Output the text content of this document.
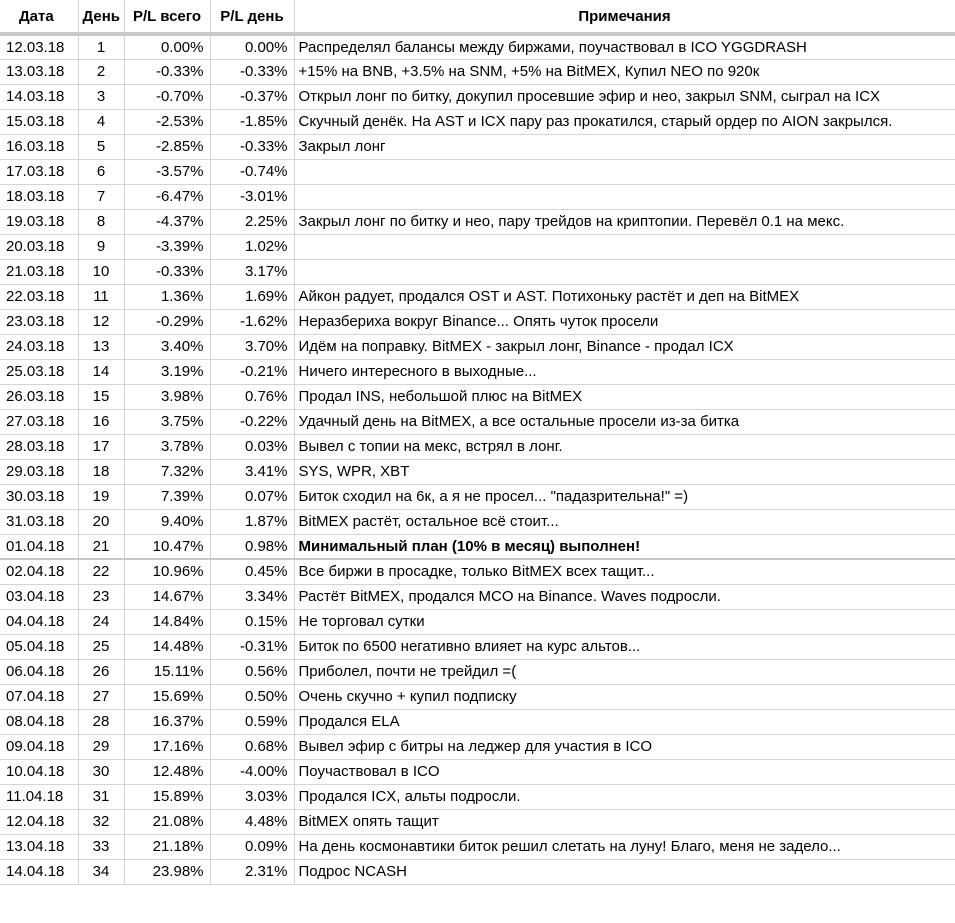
Дата	День	P/L всего	P/L день	Примечания
12.03.18	1	0.00%	0.00%	Распределял балансы между биржами, поучаствовал в ICO YGGDRASH
13.03.18	2	-0.33%	-0.33%	+15% на BNB, +3.5% на SNM, +5% на BitMEX, Купил NEO по 920к
14.03.18	3	-0.70%	-0.37%	Открыл лонг по битку, докупил просевшие эфир и нео, закрыл SNM, сыграл на ICX
15.03.18	4	-2.53%	-1.85%	Скучный денёк. На AST и ICX пару раз прокатился, старый ордер по AION закрылся.
16.03.18	5	-2.85%	-0.33%	Закрыл лонг
17.03.18	6	-3.57%	-0.74%	
18.03.18	7	-6.47%	-3.01%	
19.03.18	8	-4.37%	2.25%	Закрыл лонг по битку и нео, пару трейдов на криптопии. Перевёл 0.1 на мекс.
20.03.18	9	-3.39%	1.02%	
21.03.18	10	-0.33%	3.17%	
22.03.18	11	1.36%	1.69%	Айкон радует, продался OST и AST. Потихоньку растёт и деп на BitMEX
23.03.18	12	-0.29%	-1.62%	Неразбериха вокруг Binance... Опять чуток просели
24.03.18	13	3.40%	3.70%	Идём на поправку. BitMEX - закрыл лонг, Binance - продал ICX
25.03.18	14	3.19%	-0.21%	Ничего интересного в выходные...
26.03.18	15	3.98%	0.76%	Продал INS, небольшой плюс на BitMEX
27.03.18	16	3.75%	-0.22%	Удачный день на BitMEX, а все остальные просели из-за битка
28.03.18	17	3.78%	0.03%	Вывел с топии на мекс, встрял в лонг.
29.03.18	18	7.32%	3.41%	SYS, WPR, XBT
30.03.18	19	7.39%	0.07%	Биток сходил на 6к, а я не просел... "падазрительна!" =)
31.03.18	20	9.40%	1.87%	BitMEX растёт, остальное всё стоит...
01.04.18	21	10.47%	0.98%	Минимальный план (10% в месяц) выполнен!
02.04.18	22	10.96%	0.45%	Все биржи в просадке, только BitMEX всех тащит...
03.04.18	23	14.67%	3.34%	Растёт BitMEX, продался MCO на Binance. Waves подросли.
04.04.18	24	14.84%	0.15%	Не торговал сутки
05.04.18	25	14.48%	-0.31%	Биток по 6500 негативно влияет на курс альтов...
06.04.18	26	15.11%	0.56%	Приболел, почти не трейдил =(
07.04.18	27	15.69%	0.50%	Очень скучно + купил подписку
08.04.18	28	16.37%	0.59%	Продался ELA
09.04.18	29	17.16%	0.68%	Вывел эфир с битры на леджер для участия в ICO
10.04.18	30	12.48%	-4.00%	Поучаствовал в ICO
11.04.18	31	15.89%	3.03%	Продался ICX, альты подросли.
12.04.18	32	21.08%	4.48%	BitMEX опять тащит
13.04.18	33	21.18%	0.09%	На день космонавтики биток решил слетать на луну! Благо, меня не задело...
14.04.18	34	23.98%	2.31%	Подрос NCASH
